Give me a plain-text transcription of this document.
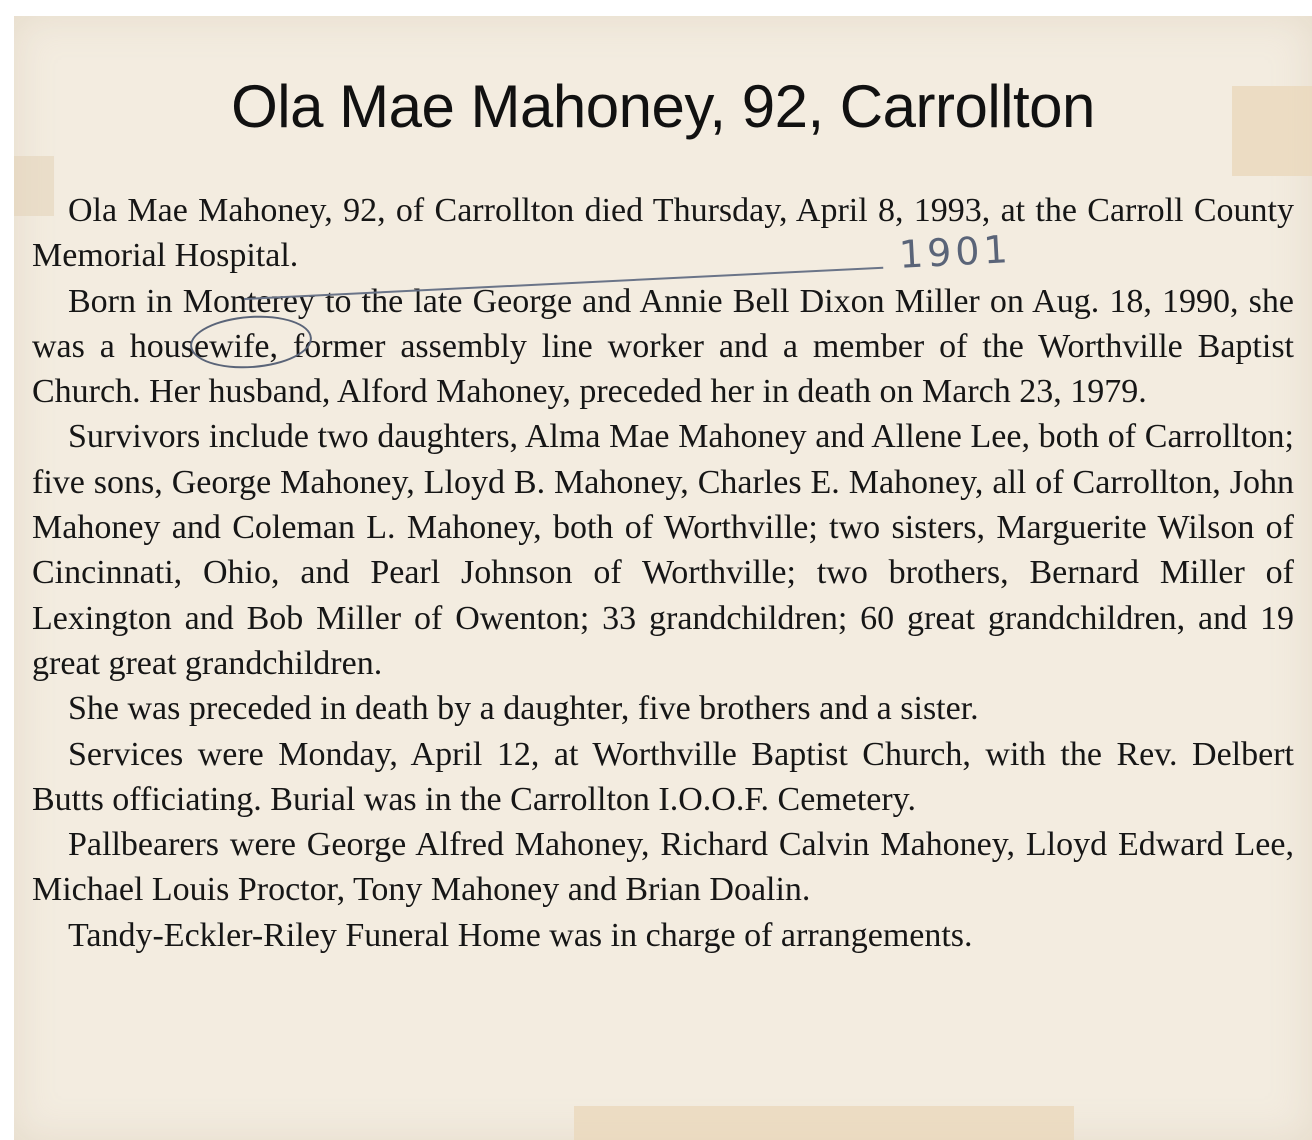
Ola Mae Mahoney, 92, Carrollton

Ola Mae Mahoney, 92, of Carrollton died Thursday, April 8, 1993, at the Carroll County Memorial Hospital.

Born in Monterey to the late George and Annie Bell Dixon Miller on Aug. 18, 1990, she was a housewife, former assembly line worker and a member of the Worthville Baptist Church. Her husband, Alford Mahoney, preceded her in death on March 23, 1979.

Survivors include two daughters, Alma Mae Mahoney and Allene Lee, both of Carrollton; five sons, George Mahoney, Lloyd B. Mahoney, Charles E. Mahoney, all of Carrollton, John Mahoney and Coleman L. Mahoney, both of Worthville; two sisters, Marguerite Wilson of Cincinnati, Ohio, and Pearl Johnson of Worthville; two brothers, Bernard Miller of Lexington and Bob Miller of Owenton; 33 grandchildren; 60 great grandchildren, and 19 great great grandchildren.

She was preceded in death by a daughter, five brothers and a sister.

Services were Monday, April 12, at Worthville Baptist Church, with the Rev. Delbert Butts officiating. Burial was in the Carrollton I.O.O.F. Cemetery.

Pallbearers were George Alfred Mahoney, Richard Calvin Mahoney, Lloyd Edward Lee, Michael Louis Proctor, Tony Mahoney and Brian Doalin.

Tandy-Eckler-Riley Funeral Home was in charge of arrangements.

1901
